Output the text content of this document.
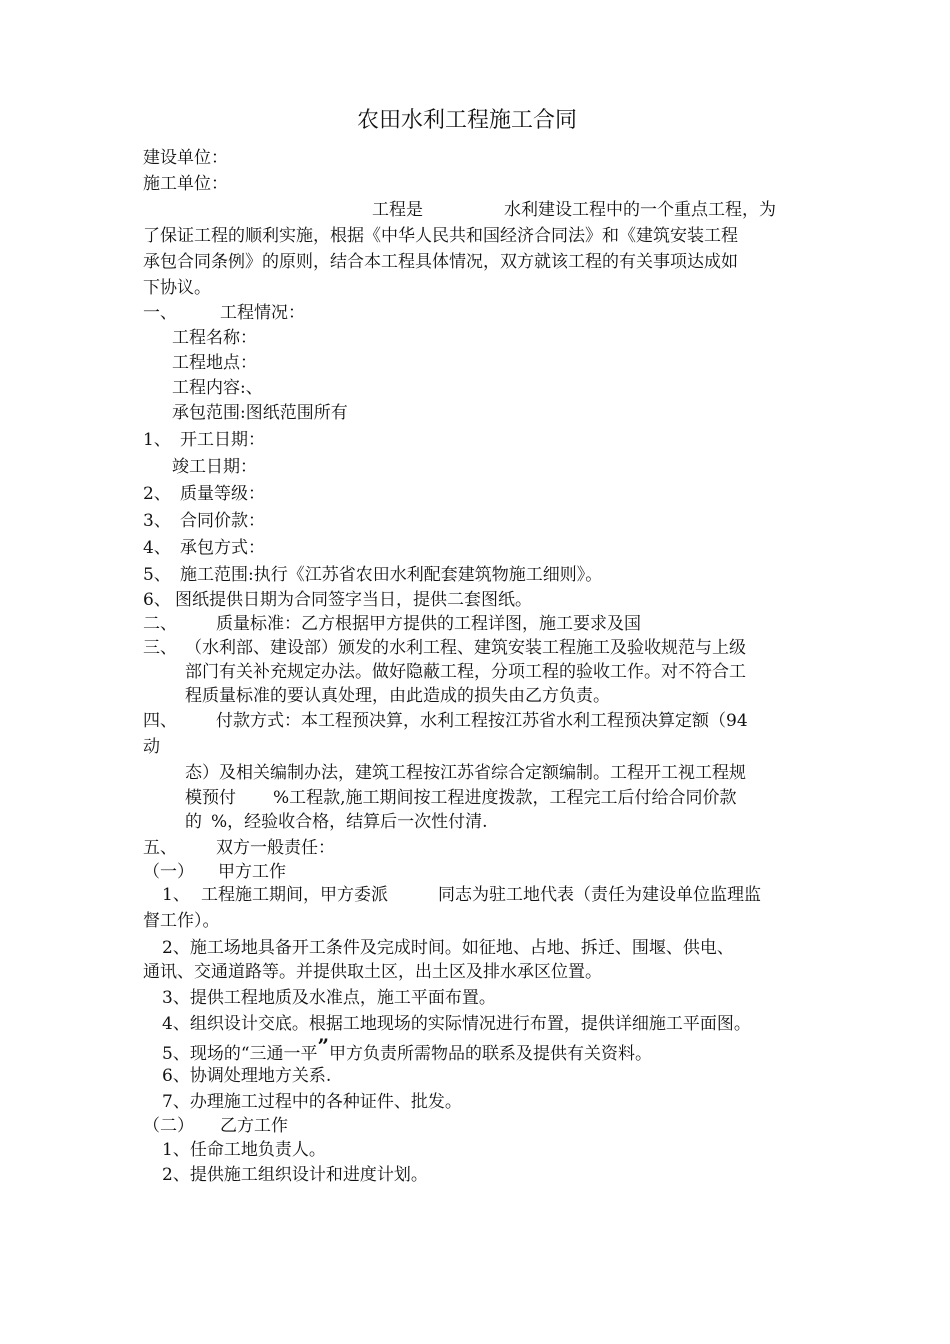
农田水利工程施工合同
建设单位：
施工单位：
工程是	水利建设工程中的一个重点工程，为
了保证工程的顺利实施，根据《中华人民共和国经济合同法》和《建筑安装工程
承包合同条例》的原则，结合本工程具体情况，双方就该工程的有关事项达成如
下协议。
一、	工程情况：
工程名称：
工程地点：
工程内容:、
承包范围:图纸范围所有
1、 开工日期：
竣工日期：
2、 质量等级：
3、 合同价款：
4、 承包方式：
5、 施工范围:执行《江苏省农田水利配套建筑物施工细则》。
6、 图纸提供日期为合同签字当日，提供二套图纸。
二、 质量标准：乙方根据甲方提供的工程详图，施工要求及国
三、 （水利部、建设部）颁发的水利工程、建筑安装工程施工及验收规范与上级
部门有关补充规定办法。做好隐蔽工程，分项工程的验收工作。对不符合工
程质量标准的要认真处理，由此造成的损失由乙方负责。
四、 付款方式：本工程预决算，水利工程按江苏省水利工程预决算定额（94
动
态）及相关编制办法，建筑工程按江苏省综合定额编制。工程开工视工程规
模预付 %工程款,施工期间按工程进度拨款，工程完工后付给合同价款
的 %，经验收合格，结算后一次性付清.
五、 双方一般责任：
（一） 甲方工作
1、 工程施工期间，甲方委派	同志为驻工地代表（责任为建设单位监理监
督工作）。
2、施工场地具备开工条件及完成时间。如征地、占地、拆迁、围堰、供电、
通讯、交通道路等。并提供取土区，出土区及排水承区位置。
3、提供工程地质及水准点，施工平面布置。
4、组织设计交底。根据工地现场的实际情况进行布置，提供详细施工平面图。
5、现场的“三通一平”甲方负责所需物品的联系及提供有关资料。
6、协调处理地方关系.
7、办理施工过程中的各种证件、批发。
（二） 乙方工作
1、任命工地负责人。
2、提供施工组织设计和进度计划。
